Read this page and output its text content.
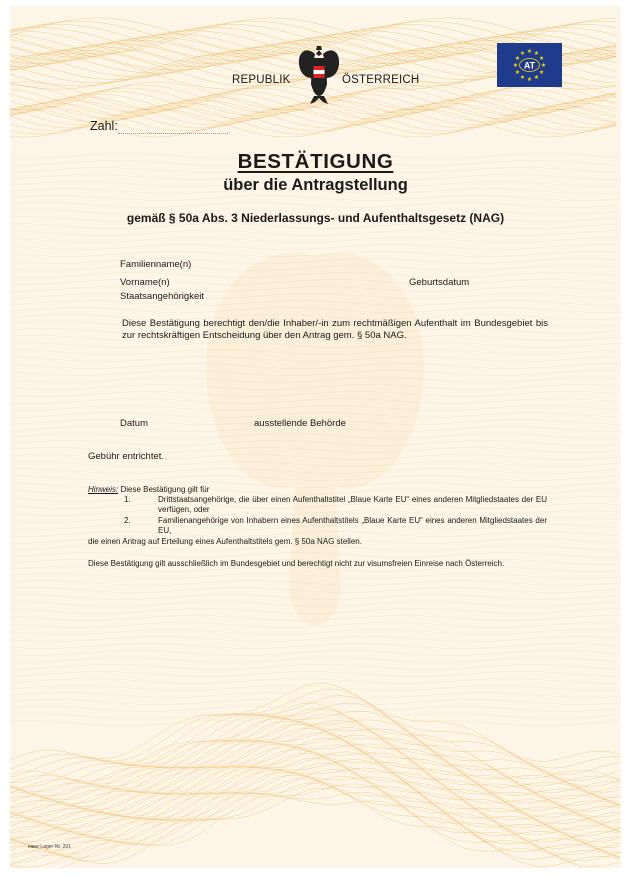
REPUBLIK	ÖSTERREICH
★
★
★
★
★
★
★
★
★ ★ ★
★
AT
Zahl:
BESTÄTIGUNG
über die Antragstellung
gemäß § 50a Abs. 3 Niederlassungs- und Aufenthaltsgesetz (NAG)
Familienname(n)
Vorname(n)	Geburtsdatum
Staatsangehörigkeit
Diese Bestätigung berechtigt den/die Inhaber/-in zum rechtmäßigen Aufenthalt im Bundesgebiet bis zur rechtskräftigen Entscheidung über den Antrag gem. § 50a NAG.
Datum	ausstellende Behörde
Gebühr entrichtet.
Hinweis: Diese Bestätigung gilt für
1.	Drittstaatsangehörige, die über einen Aufenthaltstitel „Blaue Karte EU“ eines anderen Mitgliedstaates der EU verfügen, oder
2.	Familienangehörige von Inhabern eines Aufenthaltstitels „Blaue Karte EU“ eines anderen Mitgliedstaates der EU,
die einen Antrag auf Erteilung eines Aufenthaltstitels gem. § 50a NAG stellen.
Diese Bestätigung gilt ausschließlich im Bundesgebiet und berechtigt nicht zur visumsfreien Einreise nach Österreich.
PRINT Lager-Nr. 201
